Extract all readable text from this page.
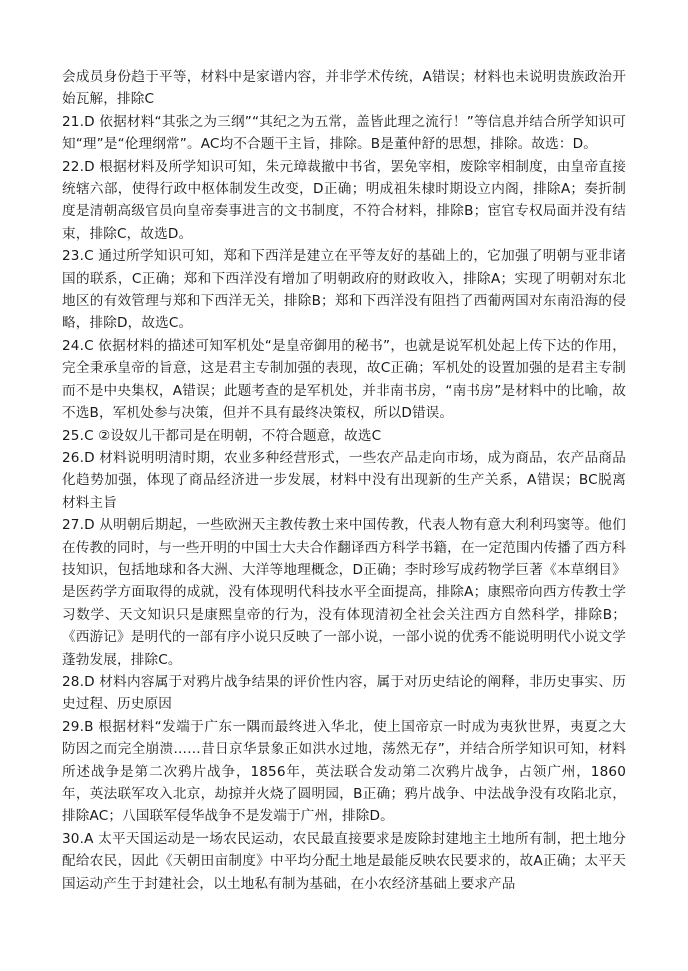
会成员身份趋于平等，材料中是家谱内容，并非学术传统，A错误；材料也未说明贵族政治开始瓦解，排除C

21.D 依据材料“其张之为三纲”“其纪之为五常，盖皆此理之流行！”等信息并结合所学知识可知“理”是“伦理纲常”。AC均不合题干主旨，排除。B是董仲舒的思想，排除。故选：D。

22.D 根据材料及所学知识可知，朱元璋裁撤中书省，罢免宰相，废除宰相制度，由皇帝直接统辖六部，使得行政中枢体制发生改变，D正确；明成祖朱棣时期设立内阁，排除A；奏折制度是清朝高级官员向皇帝奏事进言的文书制度，不符合材料，排除B；宦官专权局面并没有结束，排除C，故选D。

23.C 通过所学知识可知，郑和下西洋是建立在平等友好的基础上的，它加强了明朝与亚非诸国的联系，C正确；郑和下西洋没有增加了明朝政府的财政收入，排除A；实现了明朝对东北地区的有效管理与郑和下西洋无关，排除B；郑和下西洋没有阻挡了西葡两国对东南沿海的侵略，排除D，故选C。

24.C 依据材料的描述可知军机处“是皇帝御用的秘书”，也就是说军机处起上传下达的作用，完全秉承皇帝的旨意，这是君主专制加强的表现，故C正确；军机处的设置加强的是君主专制而不是中央集权，A错误；此题考查的是军机处，并非南书房，“南书房”是材料中的比喻，故不选B，军机处参与决策，但并不具有最终决策权，所以D错误。

25.C ②设奴儿干都司是在明朝，不符合题意，故选C

26.D 材料说明明清时期，农业多种经营形式，一些农产品走向市场，成为商品，农产品商品化趋势加强，体现了商品经济进一步发展，材料中没有出现新的生产关系，A错误；BC脱离材料主旨

27.D 从明朝后期起，一些欧洲天主教传教士来中国传教，代表人物有意大利利玛窦等。他们在传教的同时，与一些开明的中国士大夫合作翻译西方科学书籍，在一定范围内传播了西方科技知识，包括地球和各大洲、大洋等地理概念，D正确；李时珍写成药物学巨著《本草纲目》是医药学方面取得的成就，没有体现明代科技水平全面提高，排除A；康熙帝向西方传教士学习数学、天文知识只是康熙皇帝的行为，没有体现清初全社会关注西方自然科学，排除B；《西游记》是明代的一部有序小说只反映了一部小说，一部小说的优秀不能说明明代小说文学蓬勃发展，排除C。

28.D 材料内容属于对鸦片战争结果的评价性内容，属于对历史结论的阐释，非历史事实、历史过程、历史原因

29.B 根据材料“发端于广东一隅而最终进入华北，使上国帝京一时成为夷狄世界，夷夏之大防因之而完全崩溃……昔日京华景象正如洪水过地，荡然无存”，并结合所学知识可知，材料所述战争是第二次鸦片战争，1856年，英法联合发动第二次鸦片战争，占领广州，1860年，英法联军攻入北京，劫掠并火烧了圆明园，B正确；鸦片战争、中法战争没有攻陷北京，排除AC；八国联军侵华战争不是发端于广州，排除D。

30.A 太平天国运动是一场农民运动，农民最直接要求是废除封建地主土地所有制，把土地分配给农民，因此《天朝田亩制度》中平均分配土地是最能反映农民要求的，故A正确；太平天国运动产生于封建社会，以土地私有制为基础，在小农经济基础上要求产品
